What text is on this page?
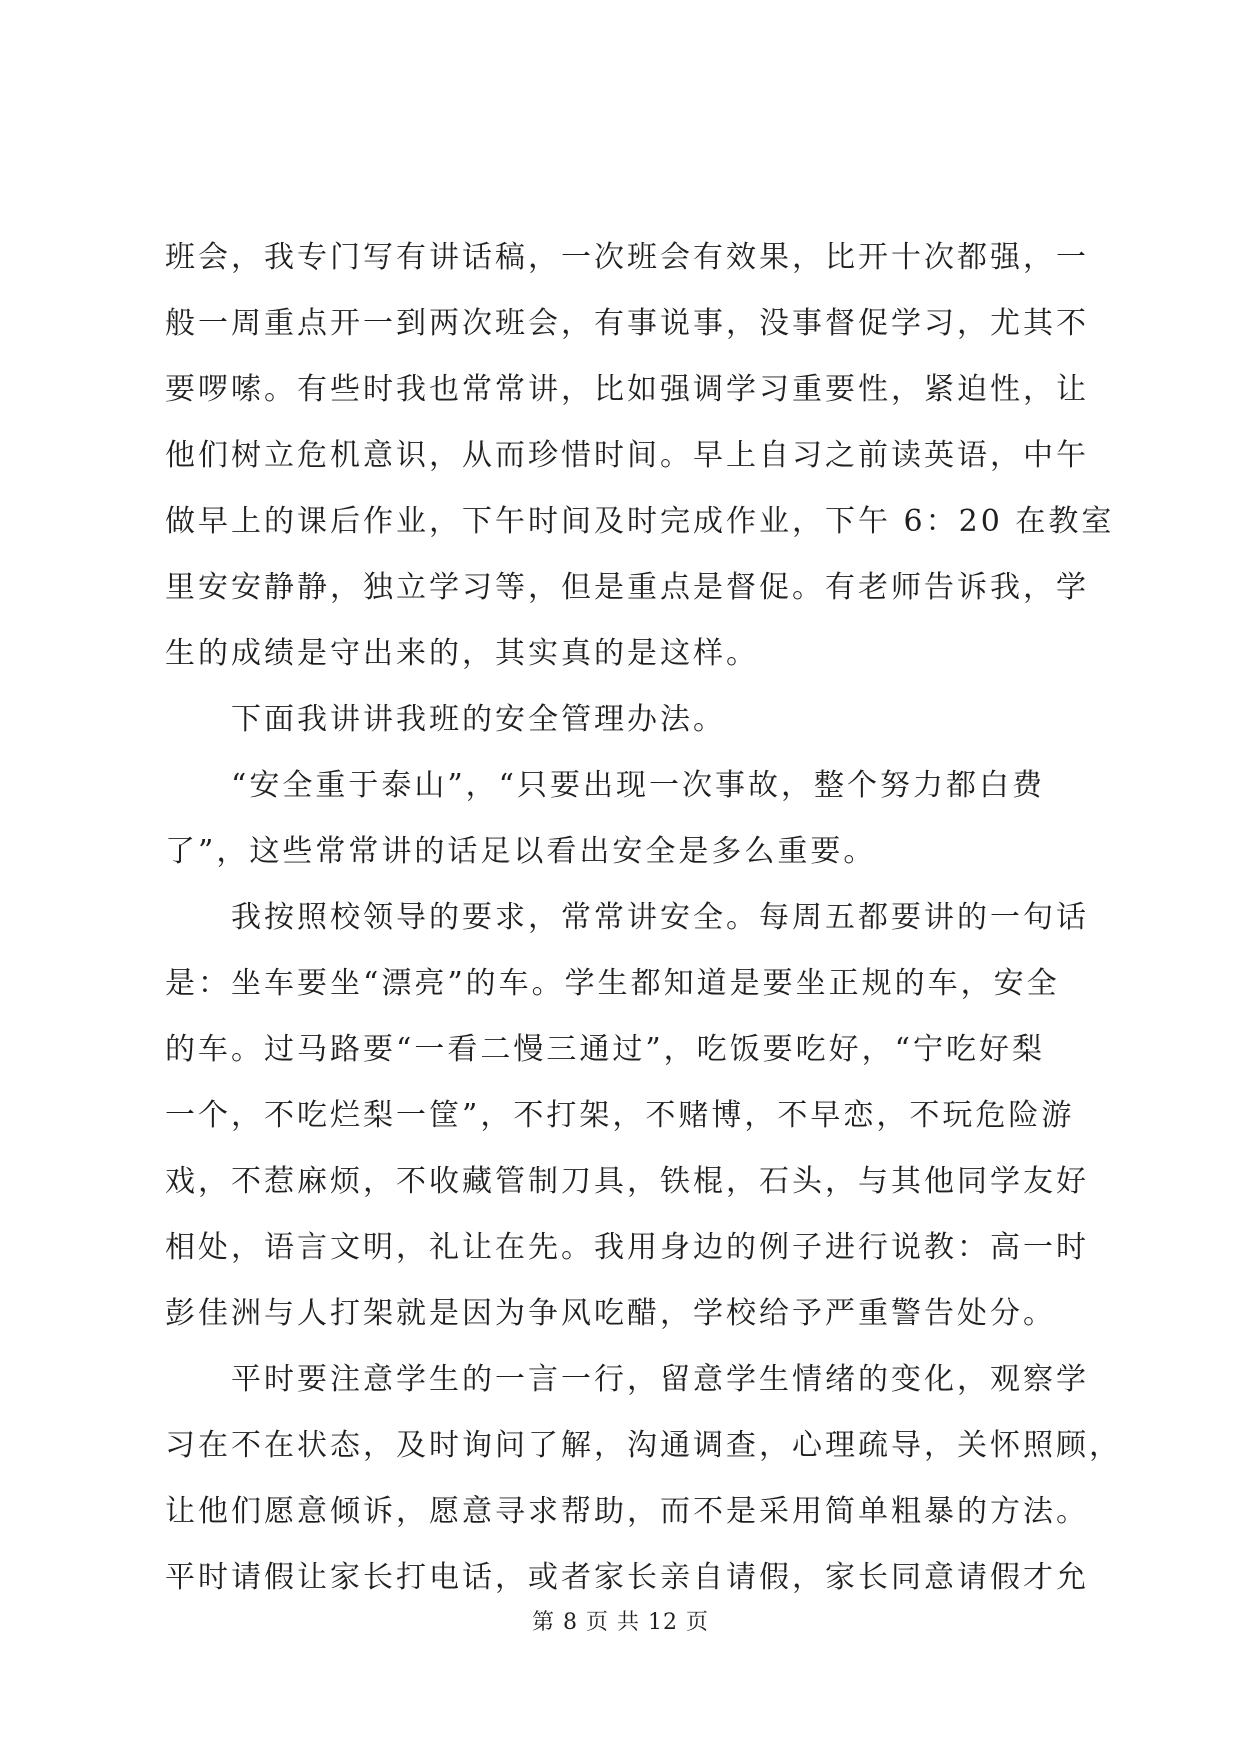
班会，我专门写有讲话稿，一次班会有效果，比开十次都强，一
般一周重点开一到两次班会，有事说事，没事督促学习，尤其不
要啰嗦。有些时我也常常讲，比如强调学习重要性，紧迫性，让
他们树立危机意识，从而珍惜时间。早上自习之前读英语，中午
做早上的课后作业，下午时间及时完成作业，下午 6：20 在教室
里安安静静，独立学习等，但是重点是督促。有老师告诉我，学
生的成绩是守出来的，其实真的是这样。
下面我讲讲我班的安全管理办法。
“安全重于泰山”，“只要出现一次事故，整个努力都白费
了”，这些常常讲的话足以看出安全是多么重要。
我按照校领导的要求，常常讲安全。每周五都要讲的一句话
是：坐车要坐“漂亮”的车。学生都知道是要坐正规的车，安全
的车。过马路要“一看二慢三通过”，吃饭要吃好，“宁吃好梨
一个，不吃烂梨一筐”，不打架，不赌博，不早恋，不玩危险游
戏，不惹麻烦，不收藏管制刀具，铁棍，石头，与其他同学友好
相处，语言文明，礼让在先。我用身边的例子进行说教：高一时
彭佳洲与人打架就是因为争风吃醋，学校给予严重警告处分。
平时要注意学生的一言一行，留意学生情绪的变化，观察学
习在不在状态，及时询问了解，沟通调查，心理疏导，关怀照顾，
让他们愿意倾诉，愿意寻求帮助，而不是采用简单粗暴的方法。
平时请假让家长打电话，或者家长亲自请假，家长同意请假才允
第 8 页 共 12 页
